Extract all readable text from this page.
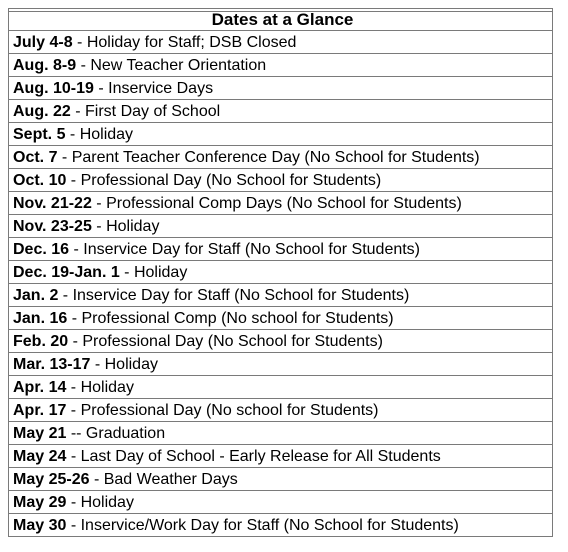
Dates at a Glance
July 4-8 - Holiday for Staff; DSB Closed
Aug. 8-9 - New Teacher Orientation
Aug. 10-19 - Inservice Days
Aug. 22 - First Day of School
Sept. 5 - Holiday
Oct. 7 - Parent Teacher Conference Day (No School for Students)
Oct. 10 - Professional Day (No School for Students)
Nov. 21-22 - Professional Comp Days (No School for Students)
Nov. 23-25 - Holiday
Dec. 16 - Inservice Day for Staff (No School for Students)
Dec. 19-Jan. 1 - Holiday
Jan. 2 - Inservice Day for Staff (No School for Students)
Jan. 16 - Professional Comp (No school for Students)
Feb. 20 - Professional Day (No School for Students)
Mar. 13-17 - Holiday
Apr. 14 - Holiday
Apr. 17 - Professional Day (No school for Students)
May 21 -- Graduation
May 24 - Last Day of School - Early Release for All Students
May 25-26 - Bad Weather Days
May 29 - Holiday
May 30 - Inservice/Work Day for Staff (No School for Students)
